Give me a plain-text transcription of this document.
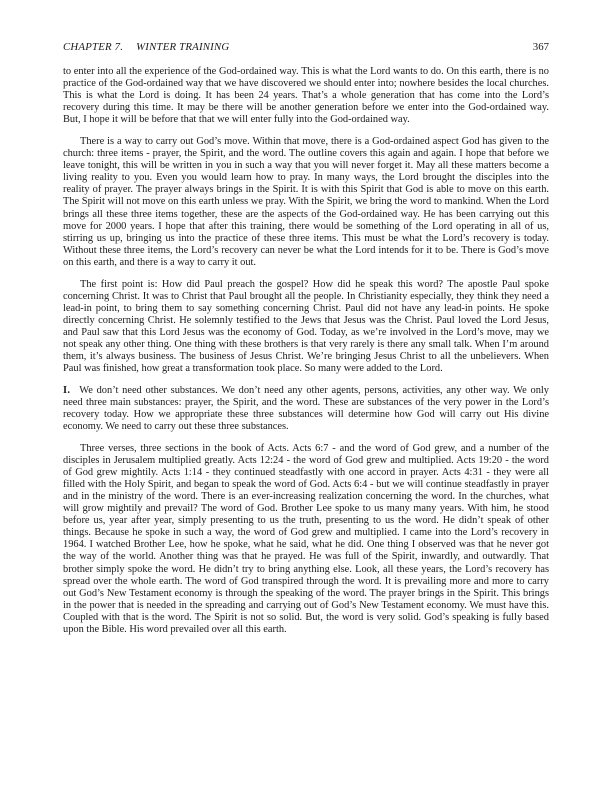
CHAPTER 7. WINTER TRAINING	367

to enter into all the experience of the God-ordained way. This is what the Lord wants to do. On this earth, there is no practice of the God-ordained way that we have discovered we should enter into; nowhere besides the local churches. This is what the Lord is doing. It has been 24 years. That’s a whole generation that has come into the Lord’s recovery during this time. It may be there will be another generation before we enter into the God-ordained way. But, I hope it will be before that that we will enter fully into the God-ordained way.

There is a way to carry out God’s move. Within that move, there is a God-ordained aspect God has given to the church: three items - prayer, the Spirit, and the word. The outline covers this again and again. I hope that before we leave tonight, this will be written in you in such a way that you will never forget it. May all these matters become a living reality to you. Even you would learn how to pray. In many ways, the Lord brought the disciples into the reality of prayer. The prayer always brings in the Spirit. It is with this Spirit that God is able to move on this earth. The Spirit will not move on this earth unless we pray. With the Spirit, we bring the word to mankind. When the Lord brings all these three items together, these are the aspects of the God-ordained way. He has been carrying out this move for 2000 years. I hope that after this training, there would be something of the Lord operating in all of us, stirring us up, bringing us into the practice of these three items. This must be what the Lord’s recovery is today. Without these three items, the Lord’s recovery can never be what the Lord intends for it to be. There is God’s move on this earth, and there is a way to carry it out.

The first point is: How did Paul preach the gospel? How did he speak this word? The apostle Paul spoke concerning Christ. It was to Christ that Paul brought all the people. In Christianity especially, they think they need a lead-in point, to bring them to say something concerning Christ. Paul did not have any lead-in points. He spoke directly concerning Christ. He solemnly testified to the Jews that Jesus was the Christ. Paul loved the Lord Jesus, and Paul saw that this Lord Jesus was the economy of God. Today, as we’re involved in the Lord’s move, may we not speak any other thing. One thing with these brothers is that very rarely is there any small talk. When I’m around them, it’s always business. The business of Jesus Christ. We’re bringing Jesus Christ to all the unbelievers. When Paul was finished, how great a transformation took place. So many were added to the Lord.

I. We don’t need other substances. We don’t need any other agents, persons, activities, any other way. We only need three main substances: prayer, the Spirit, and the word. These are substances of the very power in the Lord’s recovery today. How we appropriate these three substances will determine how God will carry out His divine economy. We need to carry out these three substances.

Three verses, three sections in the book of Acts. Acts 6:7 - and the word of God grew, and a number of the disciples in Jerusalem multiplied greatly. Acts 12:24 - the word of God grew and multiplied. Acts 19:20 - the word of God grew mightily. Acts 1:14 - they continued steadfastly with one accord in prayer. Acts 4:31 - they were all filled with the Holy Spirit, and began to speak the word of God. Acts 6:4 - but we will continue steadfastly in prayer and in the ministry of the word. There is an ever-increasing realization concerning the word. In the churches, what will grow mightily and prevail? The word of God. Brother Lee spoke to us many many years. With him, he stood before us, year after year, simply presenting to us the truth, presenting to us the word. He didn’t speak of other things. Because he spoke in such a way, the word of God grew and multiplied. I came into the Lord’s recovery in 1964. I watched Brother Lee, how he spoke, what he said, what he did. One thing I observed was that he never got the way of the world. Another thing was that he prayed. He was full of the Spirit, inwardly, and outwardly. That brother simply spoke the word. He didn’t try to bring anything else. Look, all these years, the Lord’s recovery has spread over the whole earth. The word of God transpired through the word. It is prevailing more and more to carry out God’s New Testament economy is through the speaking of the word. The prayer brings in the Spirit. This brings in the power that is needed in the spreading and carrying out of God’s New Testament economy. We must have this. Coupled with that is the word. The Spirit is not so solid. But, the word is very solid. God’s speaking is fully based upon the Bible. His word prevailed over all this earth.
